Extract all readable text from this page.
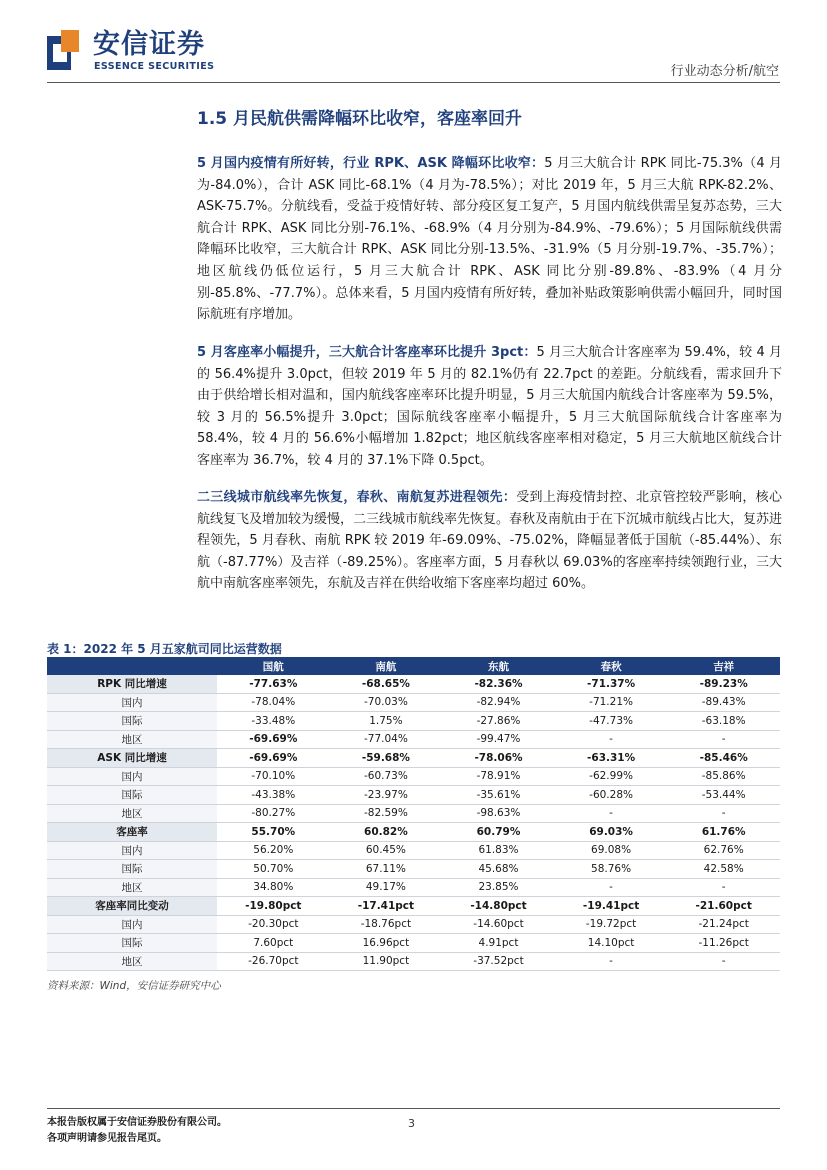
安信证券
ESSENCE SECURITIES	行业动态分析/航空
1.5 月民航供需降幅环比收窄，客座率回升
5 月国内疫情有所好转，行业 RPK、ASK 降幅环比收窄：5 月三大航合计 RPK 同比-75.3%（4 月为-84.0%），合计 ASK 同比-68.1%（4 月为-78.5%）；对比 2019 年，5 月三大航 RPK-82.2%、ASK-75.7%。分航线看，受益于疫情好转、部分疫区复工复产，5 月国内航线供需呈复苏态势，三大航合计 RPK、ASK 同比分别-76.1%、-68.9%（4 月分别为-84.9%、-79.6%）；5 月国际航线供需降幅环比收窄，三大航合计 RPK、ASK 同比分别-13.5%、-31.9%（5 月分别-19.7%、-35.7%）；地区航线仍低位运行，5 月三大航合计 RPK、ASK 同比分别-89.8%、-83.9%（4 月分别-85.8%、-77.7%）。总体来看，5 月国内疫情有所好转，叠加补贴政策影响供需小幅回升，同时国际航班有序增加。
5 月客座率小幅提升，三大航合计客座率环比提升 3pct：5 月三大航合计客座率为 59.4%，较 4 月的 56.4%提升 3.0pct，但较 2019 年 5 月的 82.1%仍有 22.7pct 的差距。分航线看，需求回升下由于供给增长相对温和，国内航线客座率环比提升明显，5 月三大航国内航线合计客座率为 59.5%，较 3 月的 56.5%提升 3.0pct；国际航线客座率小幅提升，5 月三大航国际航线合计客座率为 58.4%，较 4 月的 56.6%小幅增加 1.82pct；地区航线客座率相对稳定，5 月三大航地区航线合计客座率为 36.7%，较 4 月的 37.1%下降 0.5pct。
二三线城市航线率先恢复，春秋、南航复苏进程领先：受到上海疫情封控、北京管控较严影响，核心航线复飞及增加较为缓慢，二三线城市航线率先恢复。春秋及南航由于在下沉城市航线占比大，复苏进程领先，5 月春秋、南航 RPK 较 2019 年-69.09%、-75.02%，降幅显著低于国航（-85.44%）、东航（-87.77%）及吉祥（-89.25%）。客座率方面，5 月春秋以 69.03%的客座率持续领跑行业，三大航中南航客座率领先，东航及吉祥在供给收缩下客座率均超过 60%。
表 1：2022 年 5 月五家航司同比运营数据
	国航	南航	东航	春秋	吉祥
RPK 同比增速	-77.63%	-68.65%	-82.36%	-71.37%	-89.23%
国内	-78.04%	-70.03%	-82.94%	-71.21%	-89.43%
国际	-33.48%	1.75%	-27.86%	-47.73%	-63.18%
地区	-69.69%	-77.04%	-99.47%	-	-
ASK 同比增速	-69.69%	-59.68%	-78.06%	-63.31%	-85.46%
国内	-70.10%	-60.73%	-78.91%	-62.99%	-85.86%
国际	-43.38%	-23.97%	-35.61%	-60.28%	-53.44%
地区	-80.27%	-82.59%	-98.63%	-	-
客座率	55.70%	60.82%	60.79%	69.03%	61.76%
国内	56.20%	60.45%	61.83%	69.08%	62.76%
国际	50.70%	67.11%	45.68%	58.76%	42.58%
地区	34.80%	49.17%	23.85%	-	-
客座率同比变动	-19.80pct	-17.41pct	-14.80pct	-19.41pct	-21.60pct
国内	-20.30pct	-18.76pct	-14.60pct	-19.72pct	-21.24pct
国际	7.60pct	16.96pct	4.91pct	14.10pct	-11.26pct
地区	-26.70pct	11.90pct	-37.52pct	-	-
资料来源：Wind，安信证券研究中心
本报告版权属于安信证券股份有限公司。
各项声明请参见报告尾页。
3
